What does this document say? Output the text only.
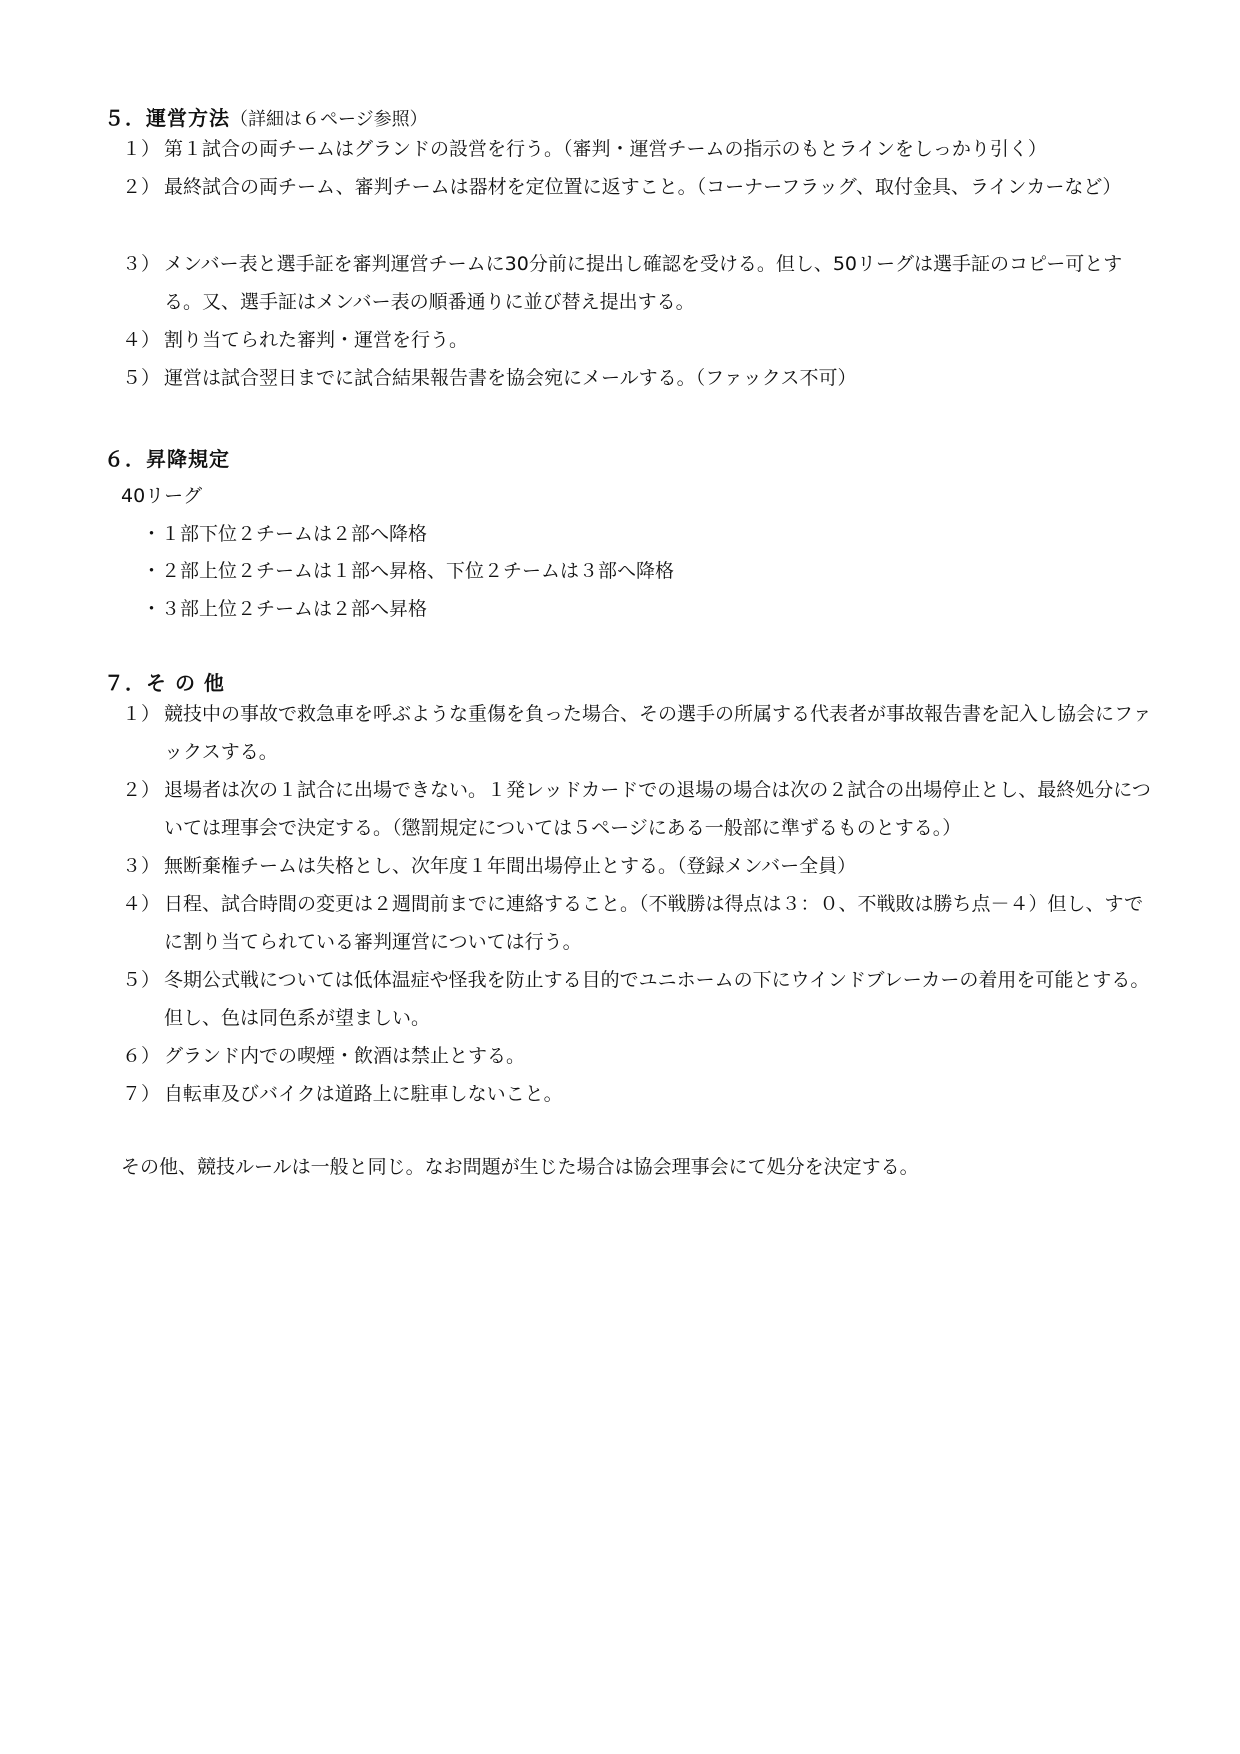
５．運営方法（詳細は６ページ参照）
１） 第１試合の両チームはグランドの設営を行う。（審判・運営チームの指示のもとラインをしっかり引く）
２） 最終試合の両チーム、審判チームは器材を定位置に返すこと。（コーナーフラッグ、取付金具、ラインカーなど）
３） メンバー表と選手証を審判運営チームに30分前に提出し確認を受ける。但し、50リーグは選手証のコピー可とする。又、選手証はメンバー表の順番通りに並び替え提出する。
４） 割り当てられた審判・運営を行う。
５） 運営は試合翌日までに試合結果報告書を協会宛にメールする。（ファックス不可）
６．昇降規定
40リーグ
・１部下位２チームは２部へ降格
・２部上位２チームは１部へ昇格、下位２チームは３部へ降格
・３部上位２チームは２部へ昇格
７．そ の 他
１） 競技中の事故で救急車を呼ぶような重傷を負った場合、その選手の所属する代表者が事故報告書を記入し協会にファックスする。
２） 退場者は次の１試合に出場できない。１発レッドカードでの退場の場合は次の２試合の出場停止とし、最終処分については理事会で決定する。（懲罰規定については５ページにある一般部に準ずるものとする。）
３） 無断棄権チームは失格とし、次年度１年間出場停止とする。（登録メンバー全員）
４） 日程、試合時間の変更は２週間前までに連絡すること。（不戦勝は得点は３：０、不戦敗は勝ち点－４）但し、すでに割り当てられている審判運営については行う。
５） 冬期公式戦については低体温症や怪我を防止する目的でユニホームの下にウインドブレーカーの着用を可能とする。但し、色は同色系が望ましい。
６） グランド内での喫煙・飲酒は禁止とする。
７） 自転車及びバイクは道路上に駐車しないこと。
その他、競技ルールは一般と同じ。なお問題が生じた場合は協会理事会にて処分を決定する。
